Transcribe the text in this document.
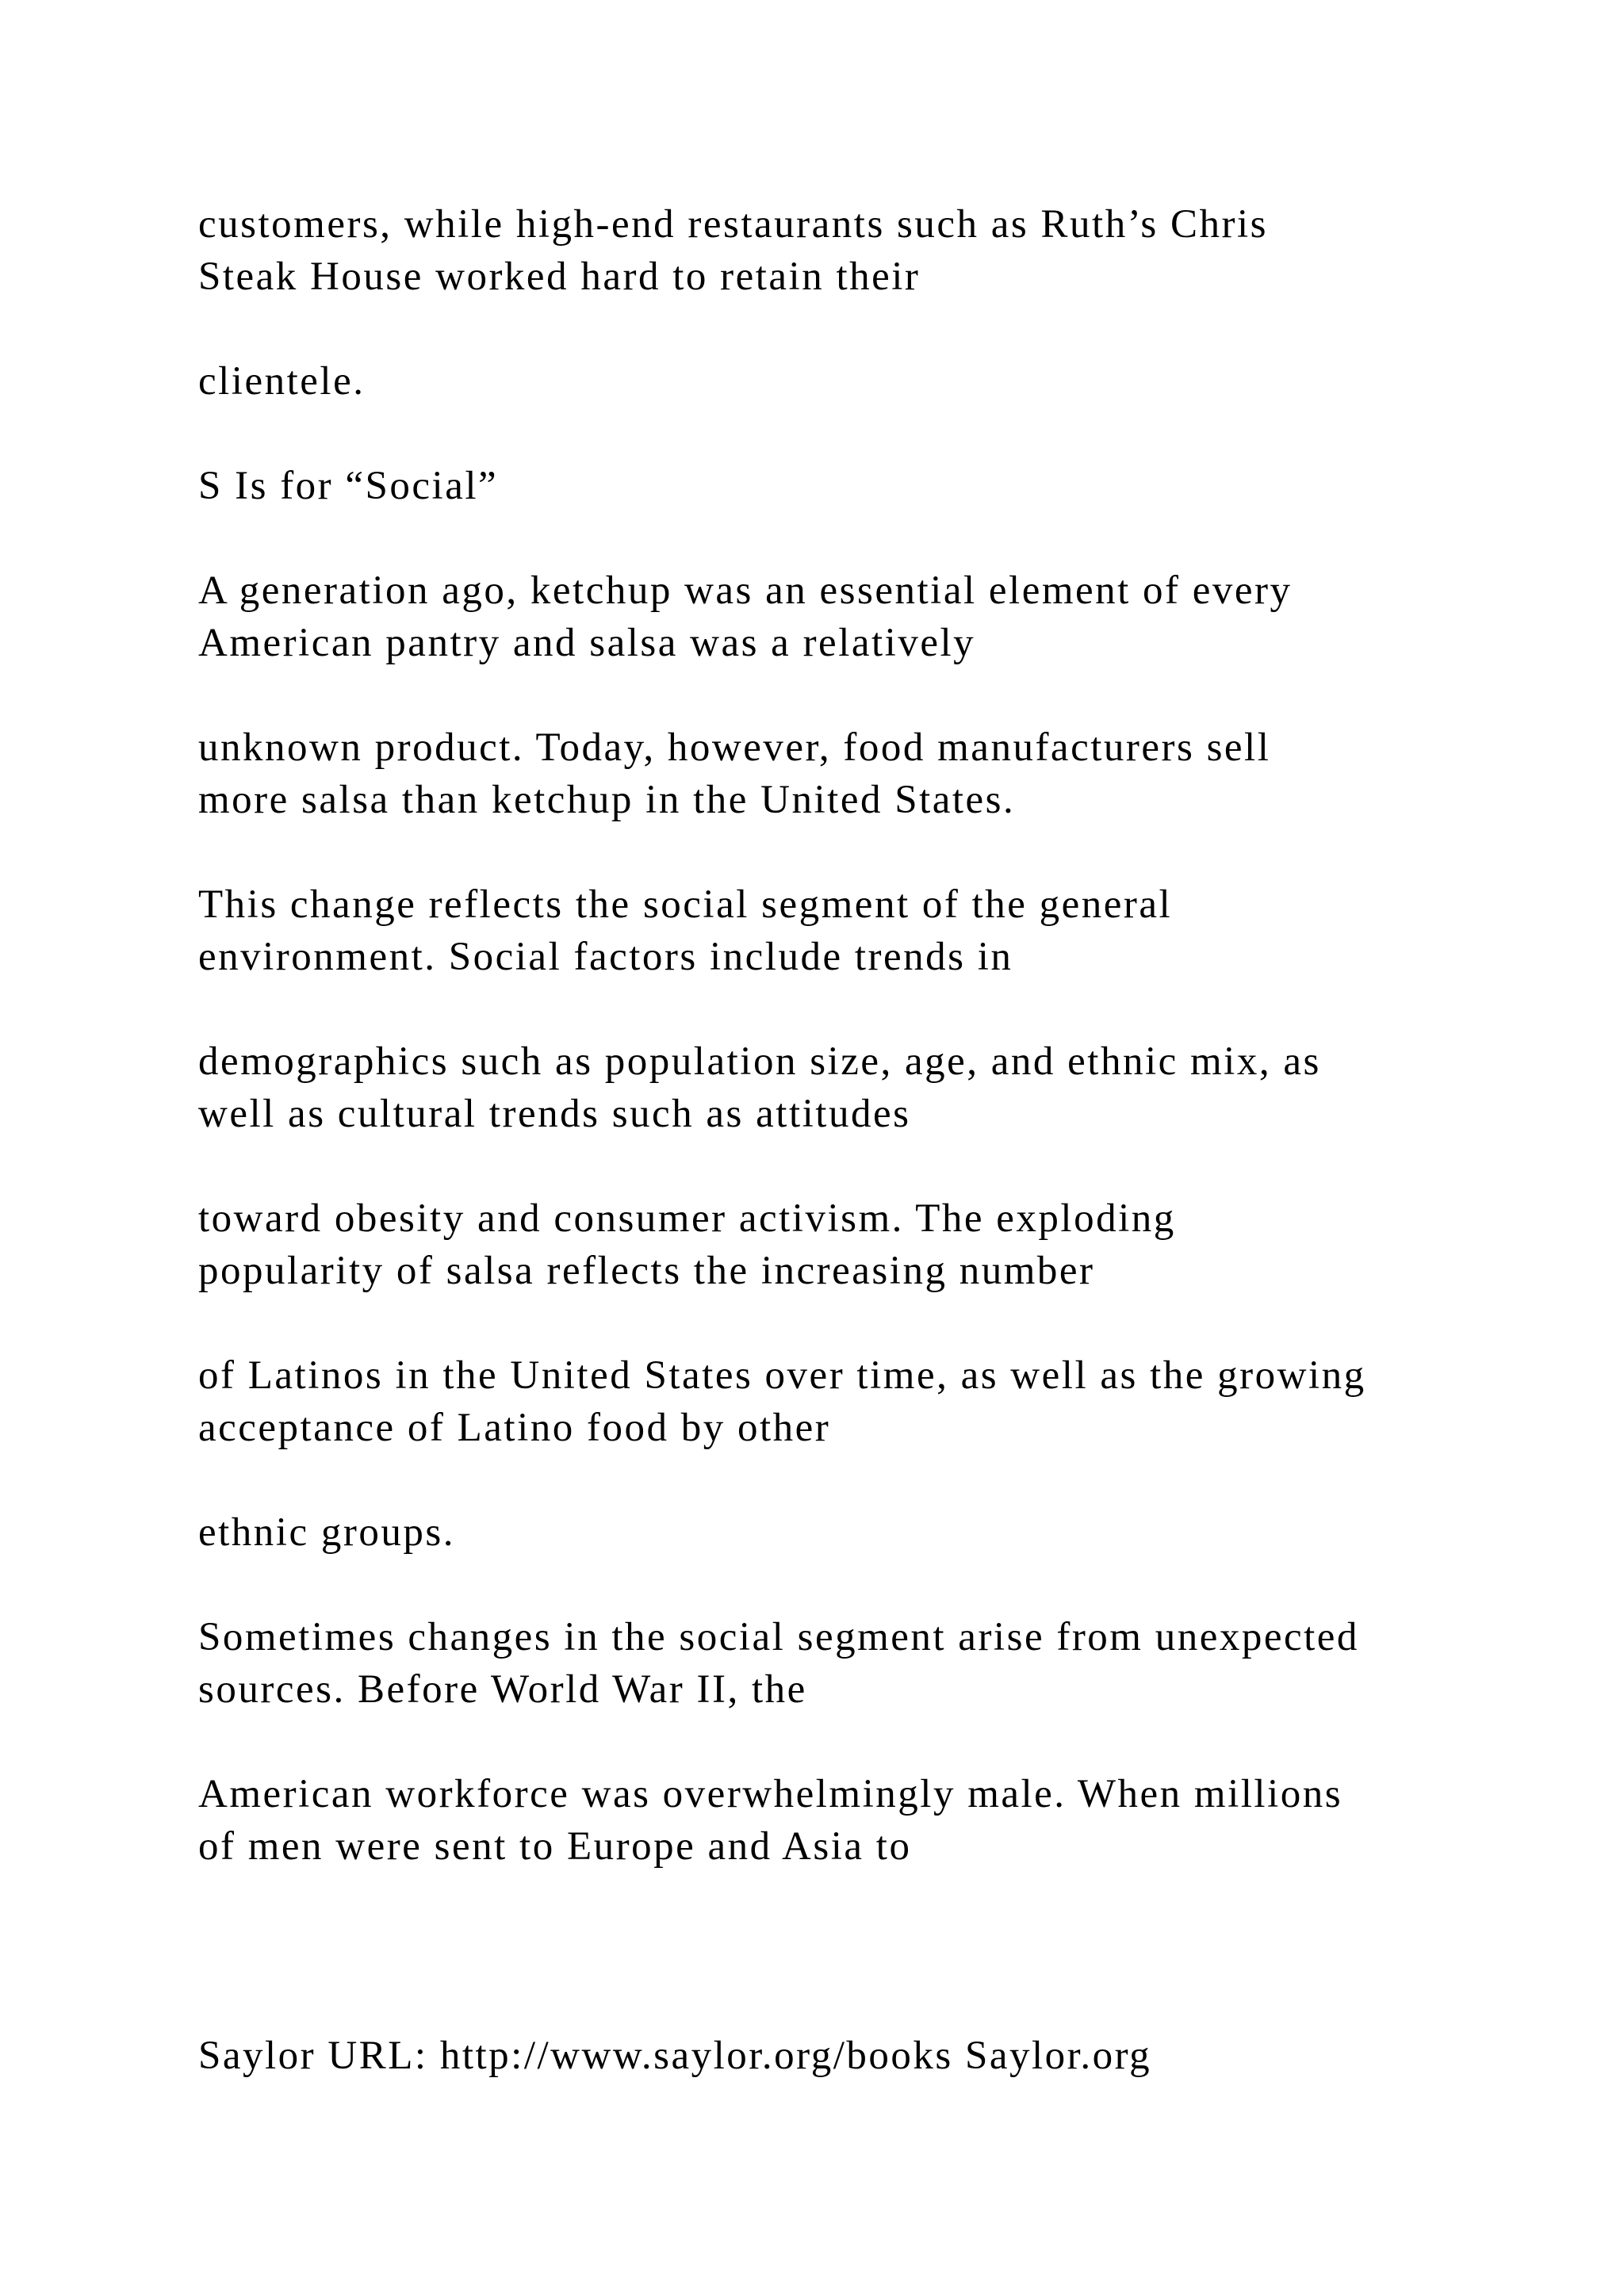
customers, while high-end restaurants such as Ruth’s Chris

Steak House worked hard to retain their

clientele.

S Is for “Social”

A generation ago, ketchup was an essential element of every

American pantry and salsa was a relatively

unknown product. Today, however, food manufacturers sell

more salsa than ketchup in the United States.

This change reflects the social segment of the general

environment. Social factors include trends in

demographics such as population size, age, and ethnic mix, as

well as cultural trends such as attitudes

toward obesity and consumer activism. The exploding

popularity of salsa reflects the increasing number

of Latinos in the United States over time, as well as the growing

acceptance of Latino food by other

ethnic groups.

Sometimes changes in the social segment arise from unexpected

sources. Before World War II, the

American workforce was overwhelmingly male. When millions

of men were sent to Europe and Asia to

Saylor URL: http://www.saylor.org/books Saylor.org
